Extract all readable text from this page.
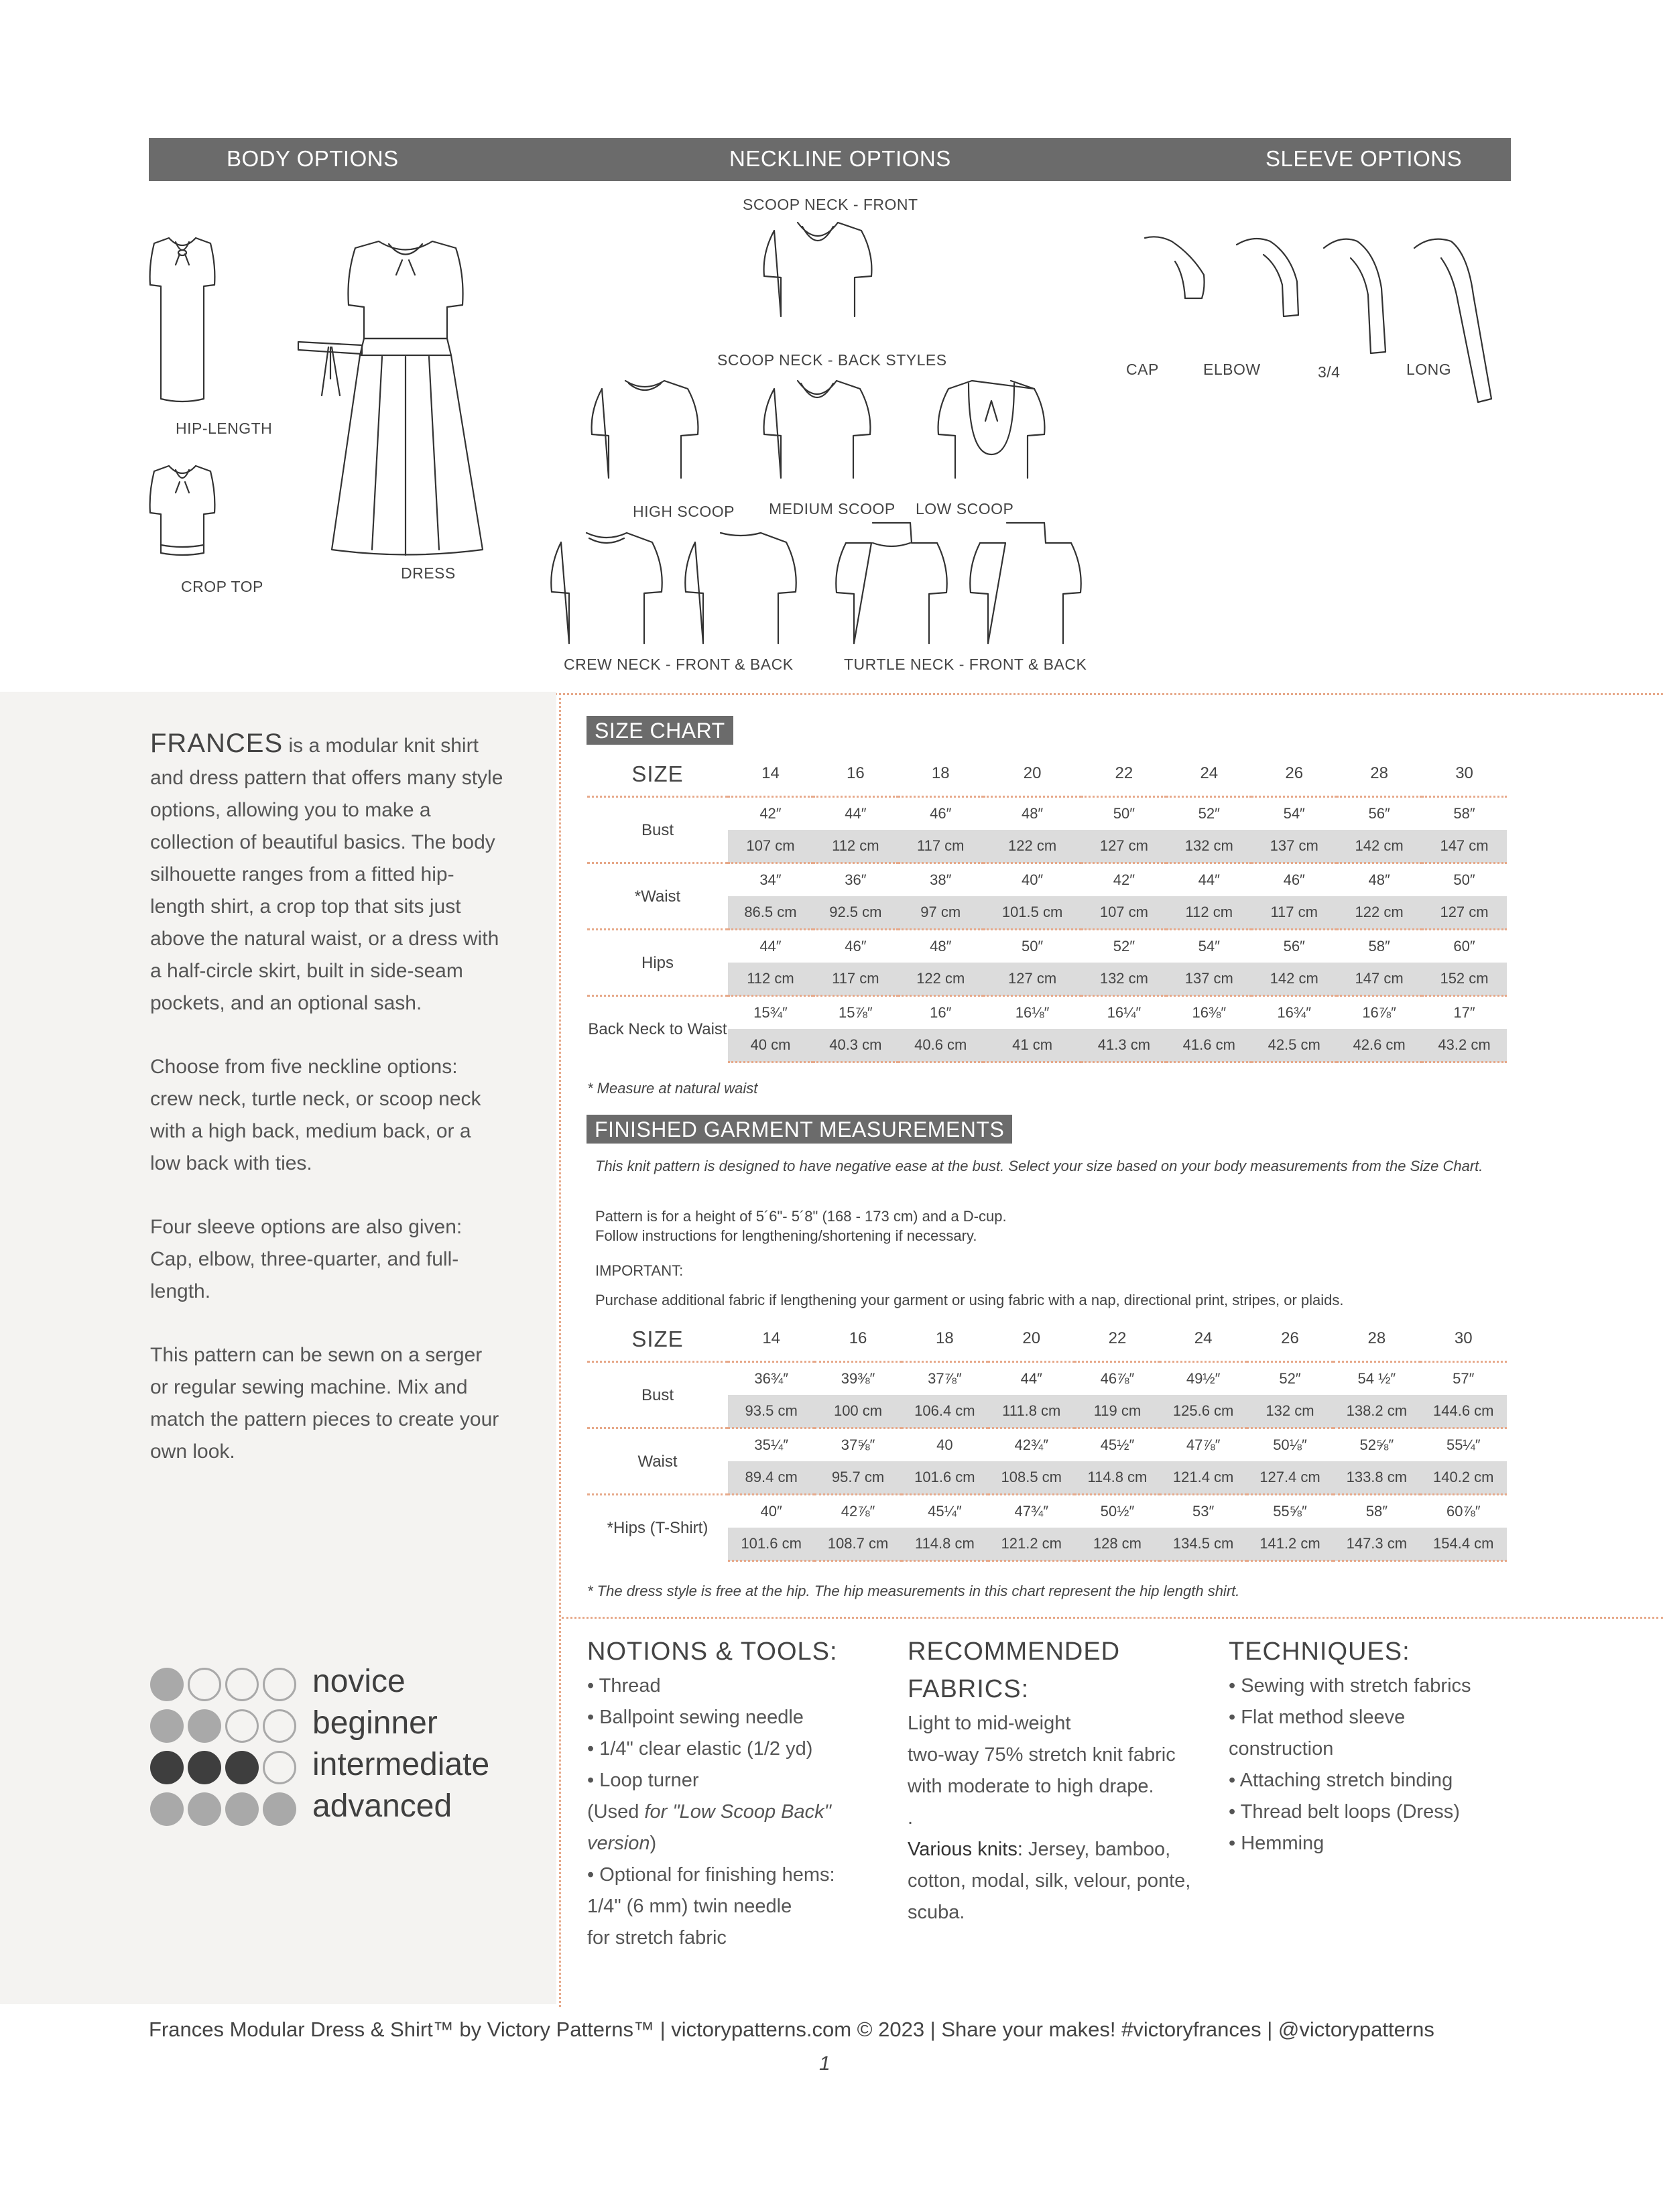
BODY OPTIONS	NECKLINE OPTIONS	SLEEVE OPTIONS
HIP-LENGTH
CROP TOP
DRESS
SCOOP NECK - FRONT
SCOOP NECK - BACK STYLES
HIGH SCOOP MEDIUM SCOOP LOW SCOOP
CREW NECK - FRONT & BACK	TURTLE NECK - FRONT & BACK
CAP	ELBOW	3/4	LONG

FRANCES is a modular knit shirt and dress pattern that offers many style options, allowing you to make a collection of beautiful basics. The body silhouette ranges from a fitted hip-length shirt, a crop top that sits just above the natural waist, or a dress with a half-circle skirt, built in side-seam pockets, and an optional sash.

Choose from five neckline options: crew neck, turtle neck, or scoop neck with a high back, medium back, or a low back with ties.

Four sleeve options are also given: Cap, elbow, three-quarter, and full-length.

This pattern can be sewn on a serger or regular sewing machine. Mix and match the pattern pieces to create your own look.

SIZE CHART
SIZE	14	16	18	20	22	24	26	28	30
Bust	42″	44″	46″	48″	50″	52″	54″	56″	58″
	107 cm	112 cm	117 cm	122 cm	127 cm	132 cm	137 cm	142 cm	147 cm
*Waist	34″	36″	38″	40″	42″	44″	46″	48″	50″
	86.5 cm	92.5 cm	97 cm	101.5 cm	107 cm	112 cm	117 cm	122 cm	127 cm
Hips	44″	46″	48″	50″	52″	54″	56″	58″	60″
	112 cm	117 cm	122 cm	127 cm	132 cm	137 cm	142 cm	147 cm	152 cm
Back Neck to Waist	15¾″	15⅞″	16″	16⅛″	16¼″	16⅜″	16¾″	16⅞″	17″
	40 cm	40.3 cm	40.6 cm	41 cm	41.3 cm	41.6 cm	42.5 cm	42.6 cm	43.2 cm
* Measure at natural waist
FINISHED GARMENT MEASUREMENTS
This knit pattern is designed to have negative ease at the bust. Select your size based on your body measurements from the Size Chart.
Pattern is for a height of 5´6"- 5´8" (168 - 173 cm) and a D-cup.
Follow instructions for lengthening/shortening if necessary.
IMPORTANT:
Purchase additional fabric if lengthening your garment or using fabric with a nap, directional print, stripes, or plaids.
SIZE	14	16	18	20	22	24	26	28	30
Bust	36¾″	39⅜″	37⅞″	44″	46⅞″	49½″	52″	54 ½″	57″
	93.5 cm	100 cm	106.4 cm	111.8 cm	119 cm	125.6 cm	132 cm	138.2 cm	144.6 cm
Waist	35¼″	37⅝″	40	42¾″	45½″	47⅞″	50⅛″	52⅝″	55¼″
	89.4 cm	95.7 cm	101.6 cm	108.5 cm	114.8 cm	121.4 cm	127.4 cm	133.8 cm	140.2 cm
*Hips (T-Shirt)	40″	42⅞″	45¼″	47¾″	50½″	53″	55⅝″	58″	60⅞″
	101.6 cm	108.7 cm	114.8 cm	121.2 cm	128 cm	134.5 cm	141.2 cm	147.3 cm	154.4 cm
* The dress style is free at the hip. The hip measurements in this chart represent the hip length shirt.
NOTIONS & TOOLS:
• Thread
• Ballpoint sewing needle
• 1/4" clear elastic (1/2 yd)
• Loop turner
(Used for "Low Scoop Back" version)
• Optional for finishing hems:
1/4" (6 mm) twin needle
for stretch fabric
RECOMMENDED FABRICS:
Light to mid-weight
two-way 75% stretch knit fabric
with moderate to high drape.
.
Various knits: Jersey, bamboo, cotton, modal, silk, velour, ponte, scuba.
TECHNIQUES:
• Sewing with stretch fabrics
• Flat method sleeve construction
• Attaching stretch binding
• Thread belt loops (Dress)
• Hemming
novice
beginner
intermediate
advanced
Frances Modular Dress & Shirt™ by Victory Patterns™ | victorypatterns.com © 2023 | Share your makes! #victoryfrances | @victorypatterns
1
